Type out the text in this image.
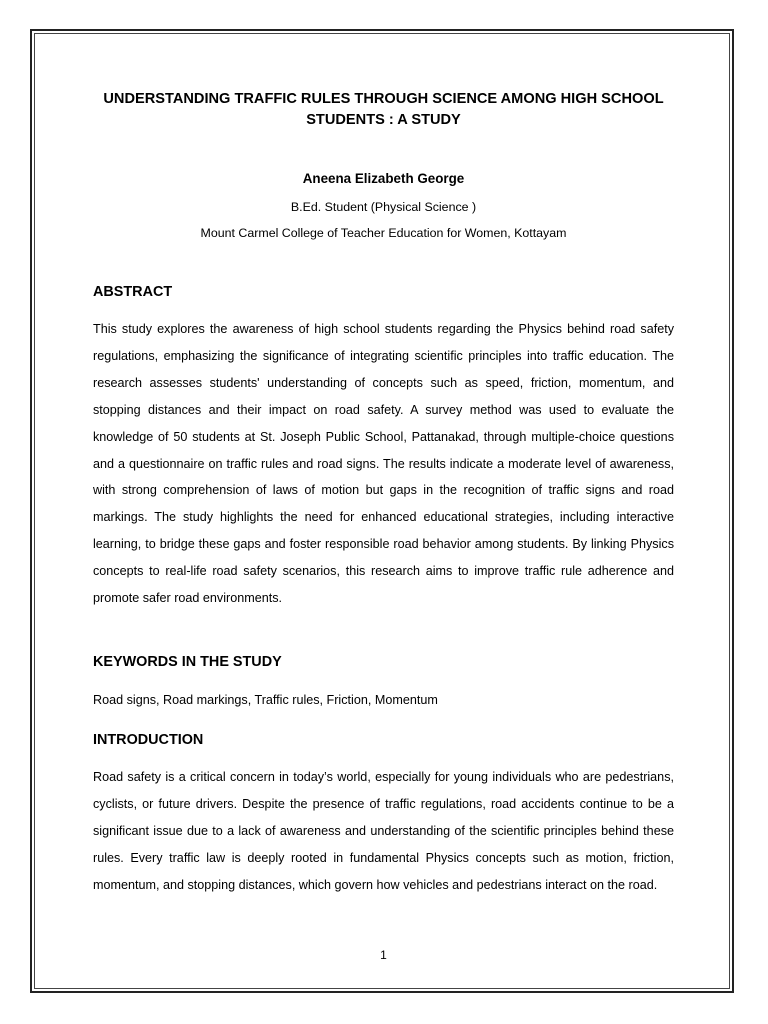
UNDERSTANDING TRAFFIC RULES THROUGH SCIENCE AMONG HIGH SCHOOL STUDENTS : A STUDY

Aneena Elizabeth George

B.Ed. Student (Physical Science )

Mount Carmel College of Teacher Education for Women, Kottayam

ABSTRACT

This study explores the awareness of high school students regarding the Physics behind road safety regulations, emphasizing the significance of integrating scientific principles into traffic education. The research assesses students' understanding of concepts such as speed, friction, momentum, and stopping distances and their impact on road safety. A survey method was used to evaluate the knowledge of 50 students at St. Joseph Public School, Pattanakad, through multiple-choice questions and a questionnaire on traffic rules and road signs. The results indicate a moderate level of awareness, with strong comprehension of laws of motion but gaps in the recognition of traffic signs and road markings. The study highlights the need for enhanced educational strategies, including interactive learning, to bridge these gaps and foster responsible road behavior among students. By linking Physics concepts to real-life road safety scenarios, this research aims to improve traffic rule adherence and promote safer road environments.

KEYWORDS IN THE STUDY

Road signs, Road markings, Traffic rules, Friction, Momentum

INTRODUCTION

Road safety is a critical concern in today’s world, especially for young individuals who are pedestrians, cyclists, or future drivers. Despite the presence of traffic regulations, road accidents continue to be a significant issue due to a lack of awareness and understanding of the scientific principles behind these rules. Every traffic law is deeply rooted in fundamental Physics concepts such as motion, friction, momentum, and stopping distances, which govern how vehicles and pedestrians interact on the road.

1
